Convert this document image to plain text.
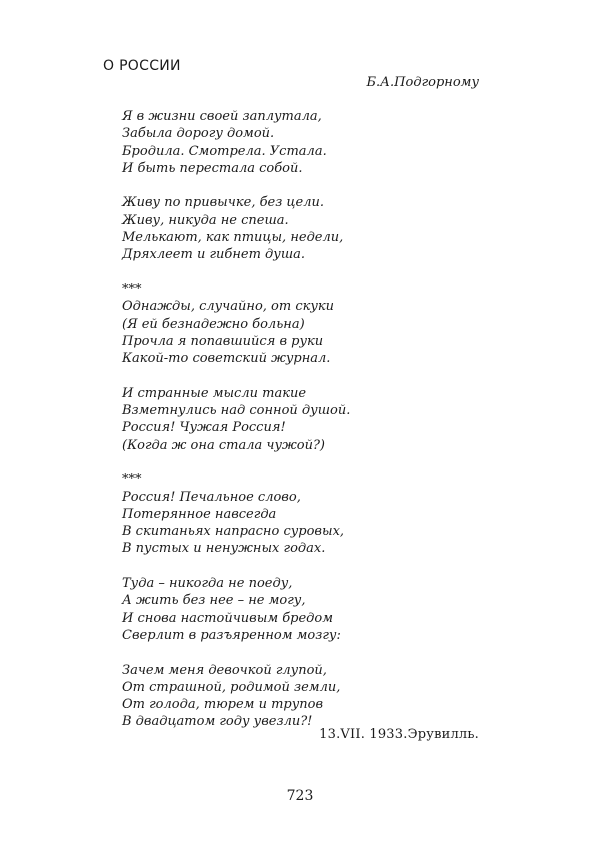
О РОССИИ
Б.А.Подгорному
Я в жизни своей заплутала,
Забыла дорогу домой.
Бродила. Смотрела. Устала.
И быть перестала собой.
Живу по привычке, без цели.
Живу, никуда не спеша.
Мелькают, как птицы, недели,
Дряхлеет и гибнет душа.
***
Однажды, случайно, от скуки
(Я ей безнадежно больна)
Прочла я попавшийся в руки
Какой-то советский журнал.
И странные мысли такие
Взметнулись над сонной душой.
Россия! Чужая Россия!
(Когда ж она стала чужой?)
***
Россия! Печальное слово,
Потерянное навсегда
В скитаньях напрасно суровых,
В пустых и ненужных годах.
Туда – никогда не поеду,
А жить без нее – не могу,
И снова настойчивым бредом
Сверлит в разъяренном мозгу:
Зачем меня девочкой глупой,
От страшной, родимой земли,
От голода, тюрем и трупов
В двадцатом году увезли?!
13.VII. 1933.Эрувилль.
723
